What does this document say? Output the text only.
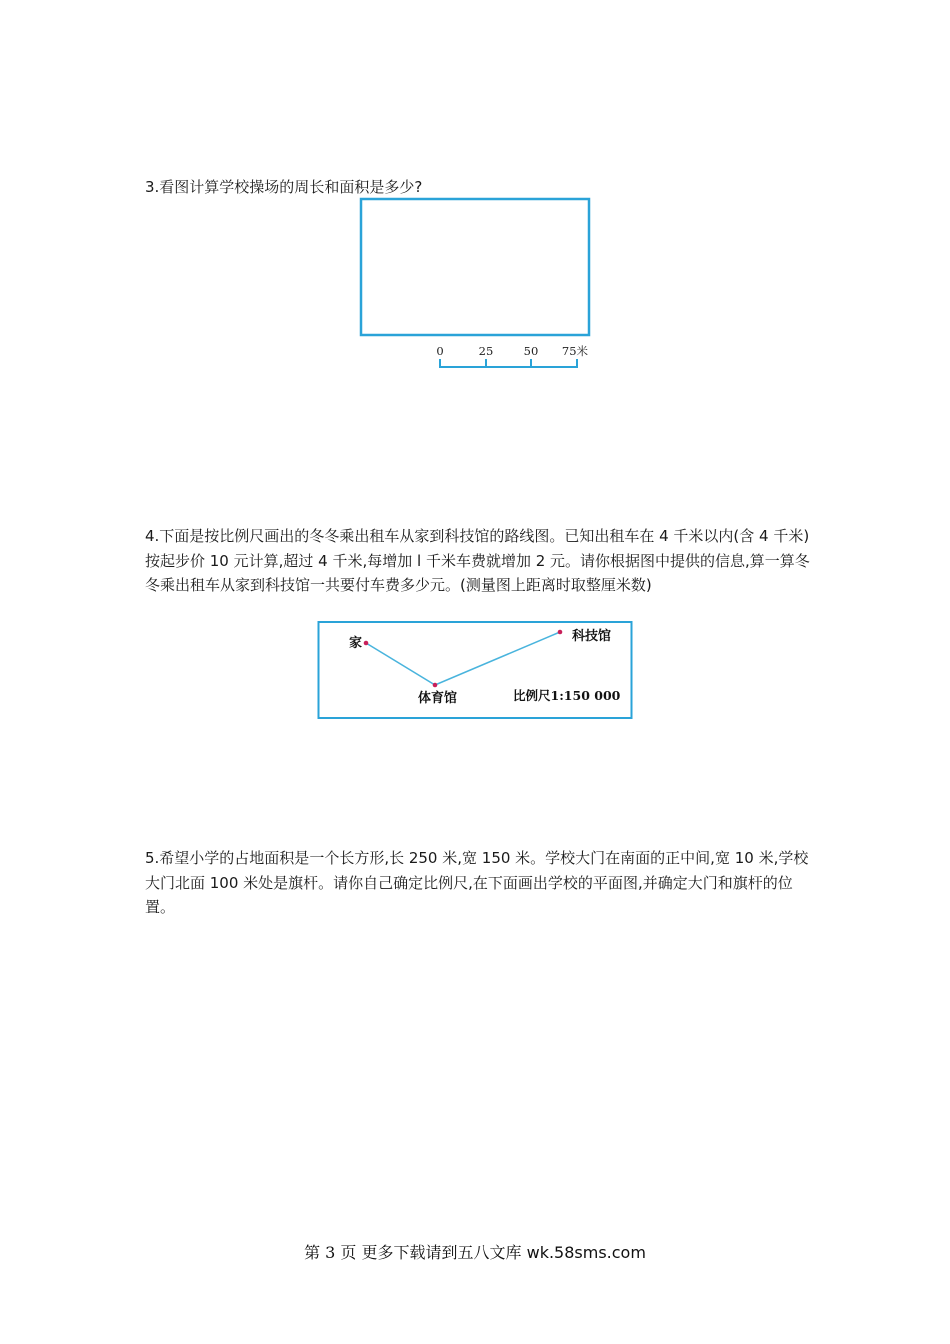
3.看图计算学校操场的周长和面积是多少?

0	25	50 75米

4.下面是按比例尺画出的冬冬乘出租车从家到科技馆的路线图。已知出租车在 4 千米以内(含 4 千米)按起步价 10 元计算,超过 4 千米,每增加 l 千米车费就增加 2 元。请你根据图中提供的信息,算一算冬冬乘出租车从家到科技馆一共要付车费多少元。(测量图上距离时取整厘米数)

家
体育馆
科技馆
比例尺1:150 000

5.希望小学的占地面积是一个长方形,长 250 米,宽 150 米。学校大门在南面的正中间,宽 10 米,学校大门北面 100 米处是旗杆。请你自己确定比例尺,在下面画出学校的平面图,并确定大门和旗杆的位置。

第 3 页 更多下载请到五八文库 wk.58sms.com
